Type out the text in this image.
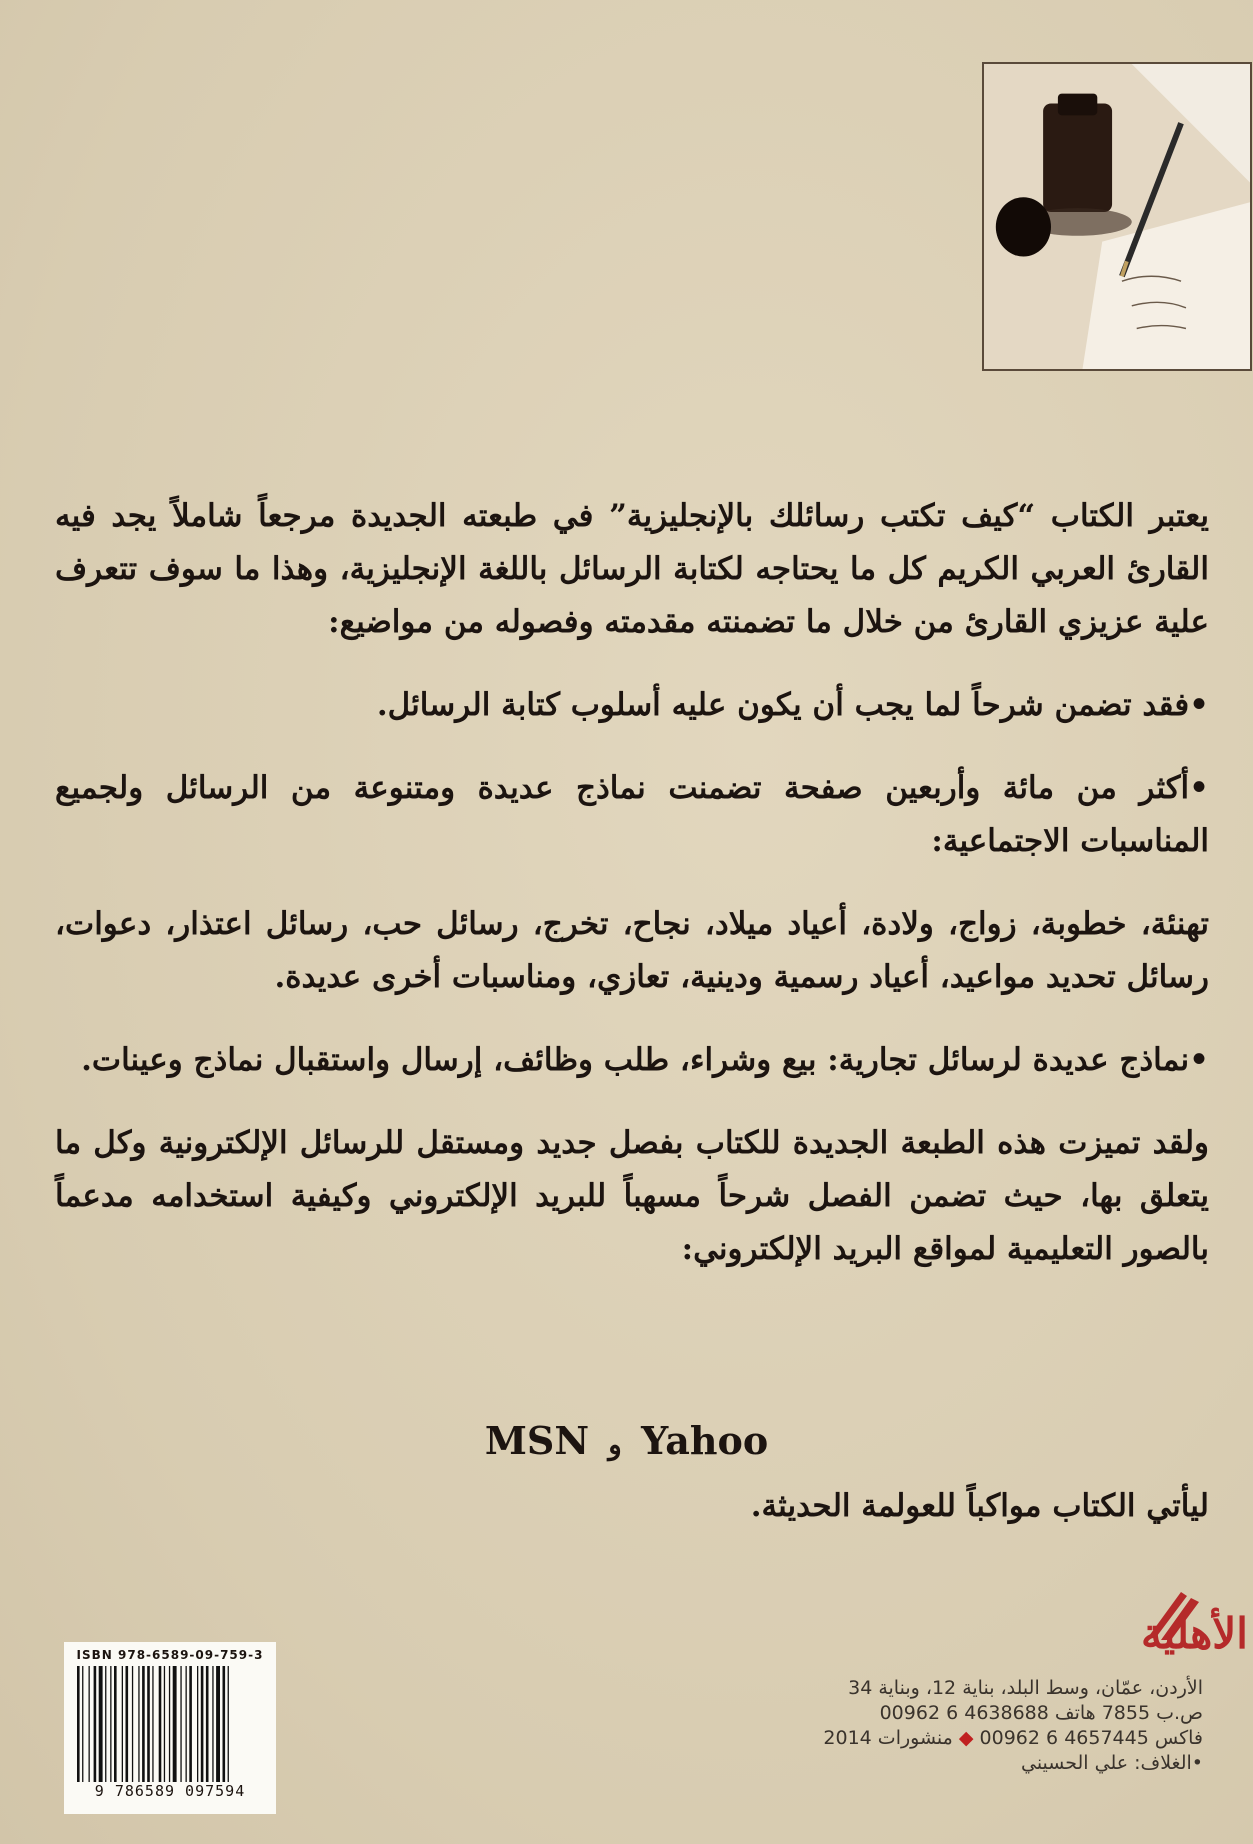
يعتبر الكتاب “كيف تكتب رسائلك بالإنجليزية” في طبعته الجديدة مرجعاً شاملاً يجد فيه القارئ العربي الكريم كل ما يحتاجه لكتابة الرسائل باللغة الإنجليزية، وهذا ما سوف تتعرف علية عزيزي القارئ من خلال ما تضمنته مقدمته وفصوله من مواضيع:

• فقد تضمن شرحاً لما يجب أن يكون عليه أسلوب كتابة الرسائل.

• أكثر من مائة وأربعين صفحة تضمنت نماذج عديدة ومتنوعة من الرسائل ولجميع المناسبات الاجتماعية:

تهنئة، خطوبة، زواج، ولادة، أعياد ميلاد، نجاح، تخرج، رسائل حب، رسائل اعتذار، دعوات، رسائل تحديد مواعيد، أعياد رسمية ودينية، تعازي، ومناسبات أخرى عديدة.

• نماذج عديدة لرسائل تجارية: بيع وشراء، طلب وظائف، إرسال واستقبال نماذج وعينات.

ولقد تميزت هذه الطبعة الجديدة للكتاب بفصل جديد ومستقل للرسائل الإلكترونية وكل ما يتعلق بها، حيث تضمن الفصل شرحاً مسهباً للبريد الإلكتروني وكيفية استخدامه مدعماً بالصور التعليمية لمواقع البريد الإلكتروني:

Yahoo و MSN
ليأتي الكتاب مواكباً للعولمة الحديثة.
ISBN 978-6589-09-759-3
9 786589 097594
الأهلية
الأردن، عمّان، وسط البلد، بناية 12، وبناية 34
ص.ب 7855 هاتف 4638688 6 00962
فاكس 4657445 6 00962 ◆ منشورات 2014
•الغلاف: علي الحسيني
